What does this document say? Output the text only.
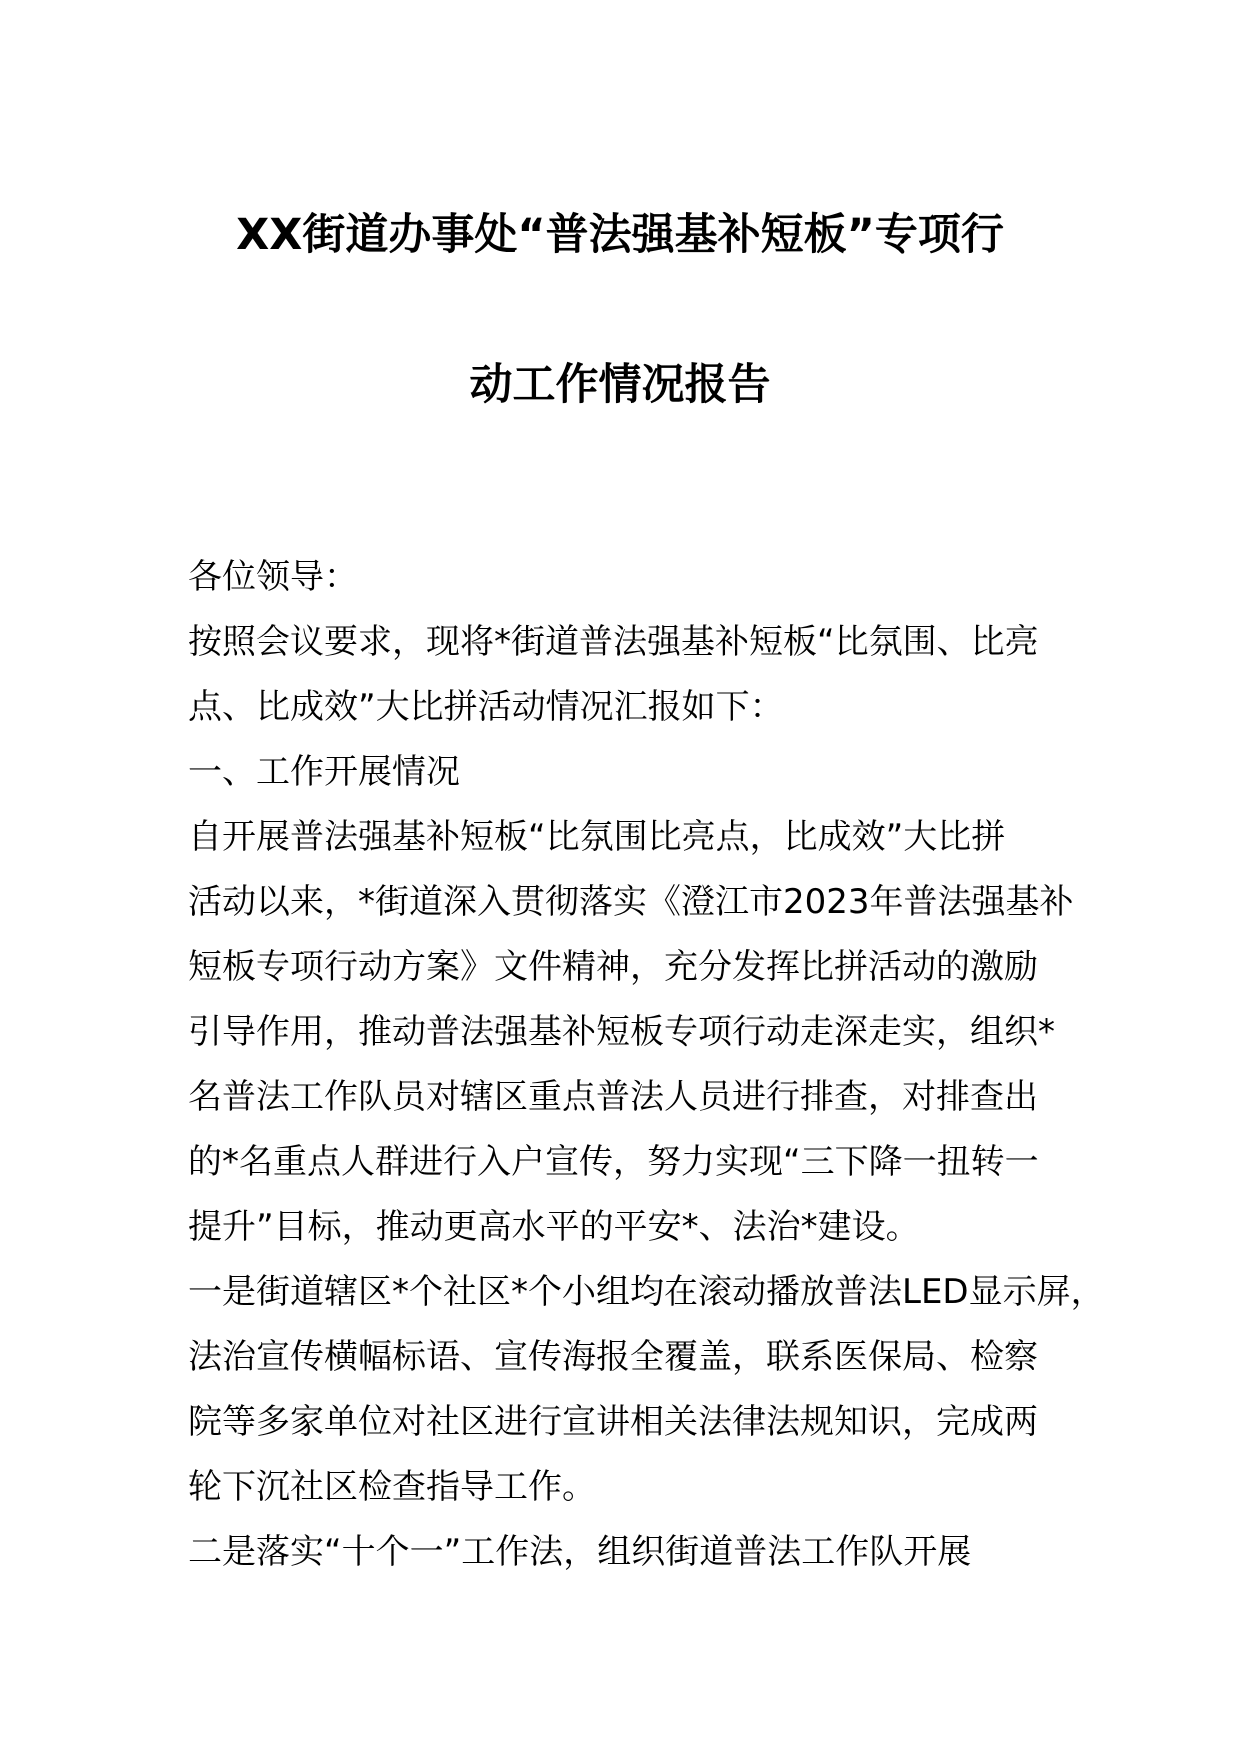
XX街道办事处“普法强基补短板”专项行
动工作情况报告
各位领导：
按照会议要求，现将*街道普法强基补短板“比氛围、比亮
点、比成效”大比拼活动情况汇报如下：
一、工作开展情况
自开展普法强基补短板“比氛围比亮点，比成效”大比拼
活动以来，*街道深入贯彻落实《澄江市2023年普法强基补
短板专项行动方案》文件精神，充分发挥比拼活动的激励
引导作用，推动普法强基补短板专项行动走深走实，组织*
名普法工作队员对辖区重点普法人员进行排查，对排查出
的*名重点人群进行入户宣传，努力实现“三下降一扭转一
提升”目标，推动更高水平的平安*、法治*建设。
一是街道辖区*个社区*个小组均在滚动播放普法LED显示屏，
法治宣传横幅标语、宣传海报全覆盖，联系医保局、检察
院等多家单位对社区进行宣讲相关法律法规知识，完成两
轮下沉社区检查指导工作。
二是落实“十个一”工作法，组织街道普法工作队开展
